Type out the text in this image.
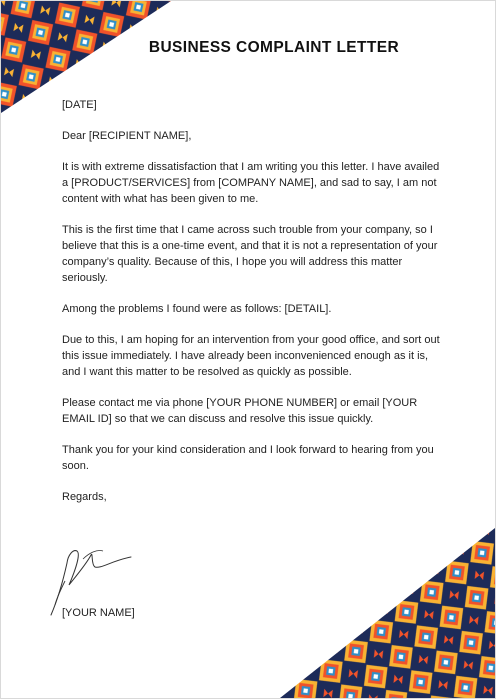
BUSINESS COMPLAINT LETTER

[DATE]

Dear [RECIPIENT NAME],

It is with extreme dissatisfaction that I am writing you this letter. I have availed a [PRODUCT/SERVICES] from [COMPANY NAME], and sad to say, I am not content with what has been given to me.

This is the first time that I came across such trouble from your company, so I believe that this is a one-time event, and that it is not a representation of your company’s quality. Because of this, I hope you will address this matter seriously.

Among the problems I found were as follows: [DETAIL].

Due to this, I am hoping for an intervention from your good office, and sort out this issue immediately. I have already been inconvenienced enough as it is, and I want this matter to be resolved as quickly as possible.

Please contact me via phone [YOUR PHONE NUMBER] or email [YOUR EMAIL ID] so that we can discuss and resolve this issue quickly.

Thank you for your kind consideration and I look forward to hearing from you soon.

Regards,

[YOUR NAME]
